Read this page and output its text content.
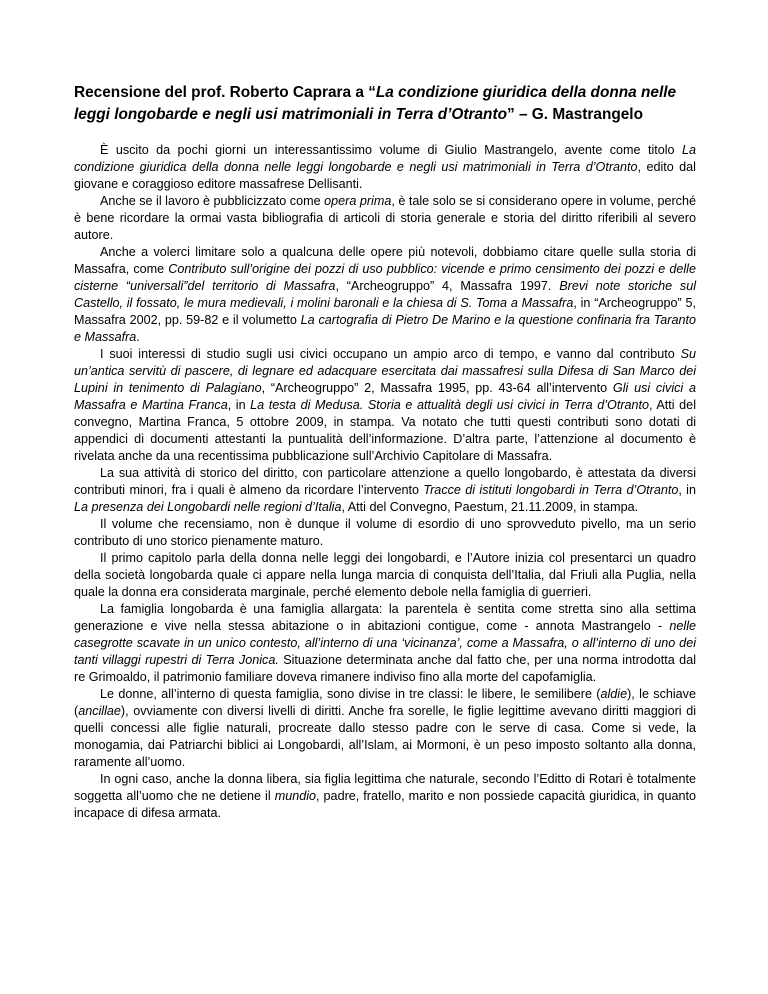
Recensione del prof. Roberto Caprara a “La condizione giuridica della donna nelle leggi longobarde e negli usi matrimoniali in Terra d’Otranto” – G. Mastrangelo

È uscito da pochi giorni un interessantissimo volume di Giulio Mastrangelo, avente come titolo La condizione giuridica della donna nelle leggi longobarde e negli usi matrimoniali in Terra d’Otranto, edito dal giovane e coraggioso editore massafrese Dellisanti.

Anche se il lavoro è pubblicizzato come opera prima, è tale solo se si considerano opere in volume, perché è bene ricordare la ormai vasta bibliografia di articoli di storia generale e storia del diritto riferibili al severo autore.

Anche a volerci limitare solo a qualcuna delle opere più notevoli, dobbiamo citare quelle sulla storia di Massafra, come Contributo sull’origine dei pozzi di uso pubblico: vicende e primo censimento dei pozzi e delle cisterne “universali”del territorio di Massafra, “Archeogruppo” 4, Massafra 1997. Brevi note storiche sul Castello, il fossato, le mura medievali, i molini baronali e la chiesa di S. Toma a Massafra, in “Archeogruppo” 5, Massafra 2002, pp. 59-82 e il volumetto La cartografia di Pietro De Marino e la questione confinaria fra Taranto e Massafra.

I suoi interessi di studio sugli usi civici occupano un ampio arco di tempo, e vanno dal contributo Su un’antica servitù di pascere, di legnare ed adacquare esercitata dai massafresi sulla Difesa di San Marco dei Lupini in tenimento di Palagiano, “Archeogruppo” 2, Massafra 1995, pp. 43-64 all’intervento Gli usi civici a Massafra e Martina Franca, in La testa di Medusa. Storia e attualità degli usi civici in Terra d’Otranto, Atti del convegno, Martina Franca, 5 ottobre 2009, in stampa. Va notato che tutti questi contributi sono dotati di appendici di documenti attestanti la puntualità dell’informazione. D’altra parte, l’attenzione al documento è rivelata anche da una recentissima pubblicazione sull’Archivio Capitolare di Massafra.

La sua attività di storico del diritto, con particolare attenzione a quello longobardo, è attestata da diversi contributi minori, fra i quali è almeno da ricordare l’intervento Tracce di istituti longobardi in Terra d’Otranto, in La presenza dei Longobardi nelle regioni d’Italia, Atti del Convegno, Paestum, 21.11.2009, in stampa.

Il volume che recensiamo, non è dunque il volume di esordio di uno sprovveduto pivello, ma un serio contributo di uno storico pienamente maturo.

Il primo capitolo parla della donna nelle leggi dei longobardi, e l’Autore inizia col presentarci un quadro della società longobarda quale ci appare nella lunga marcia di conquista dell’Italia, dal Friuli alla Puglia, nella quale la donna era considerata marginale, perché elemento debole nella famiglia di guerrieri.

La famiglia longobarda è una famiglia allargata: la parentela è sentita come stretta sino alla settima generazione e vive nella stessa abitazione o in abitazioni contigue, come - annota Mastrangelo - nelle casegrotte scavate in un unico contesto, all’interno di una ‘vicinanza’, come a Massafra, o all’interno di uno dei tanti villaggi rupestri di Terra Jonica. Situazione determinata anche dal fatto che, per una norma introdotta dal re Grimoaldo, il patrimonio familiare doveva rimanere indiviso fino alla morte del capofamiglia.

Le donne, all’interno di questa famiglia, sono divise in tre classi: le libere, le semilibere (aldie), le schiave (ancillae), ovviamente con diversi livelli di diritti. Anche fra sorelle, le figlie legittime avevano diritti maggiori di quelli concessi alle figlie naturali, procreate dallo stesso padre con le serve di casa. Come si vede, la monogamia, dai Patriarchi biblici ai Longobardi, all’Islam, ai Mormoni, è un peso imposto soltanto alla donna, raramente all’uomo.

In ogni caso, anche la donna libera, sia figlia legittima che naturale, secondo l’Editto di Rotari è totalmente soggetta all’uomo che ne detiene il mundio, padre, fratello, marito e non possiede capacità giuridica, in quanto incapace di difesa armata.
